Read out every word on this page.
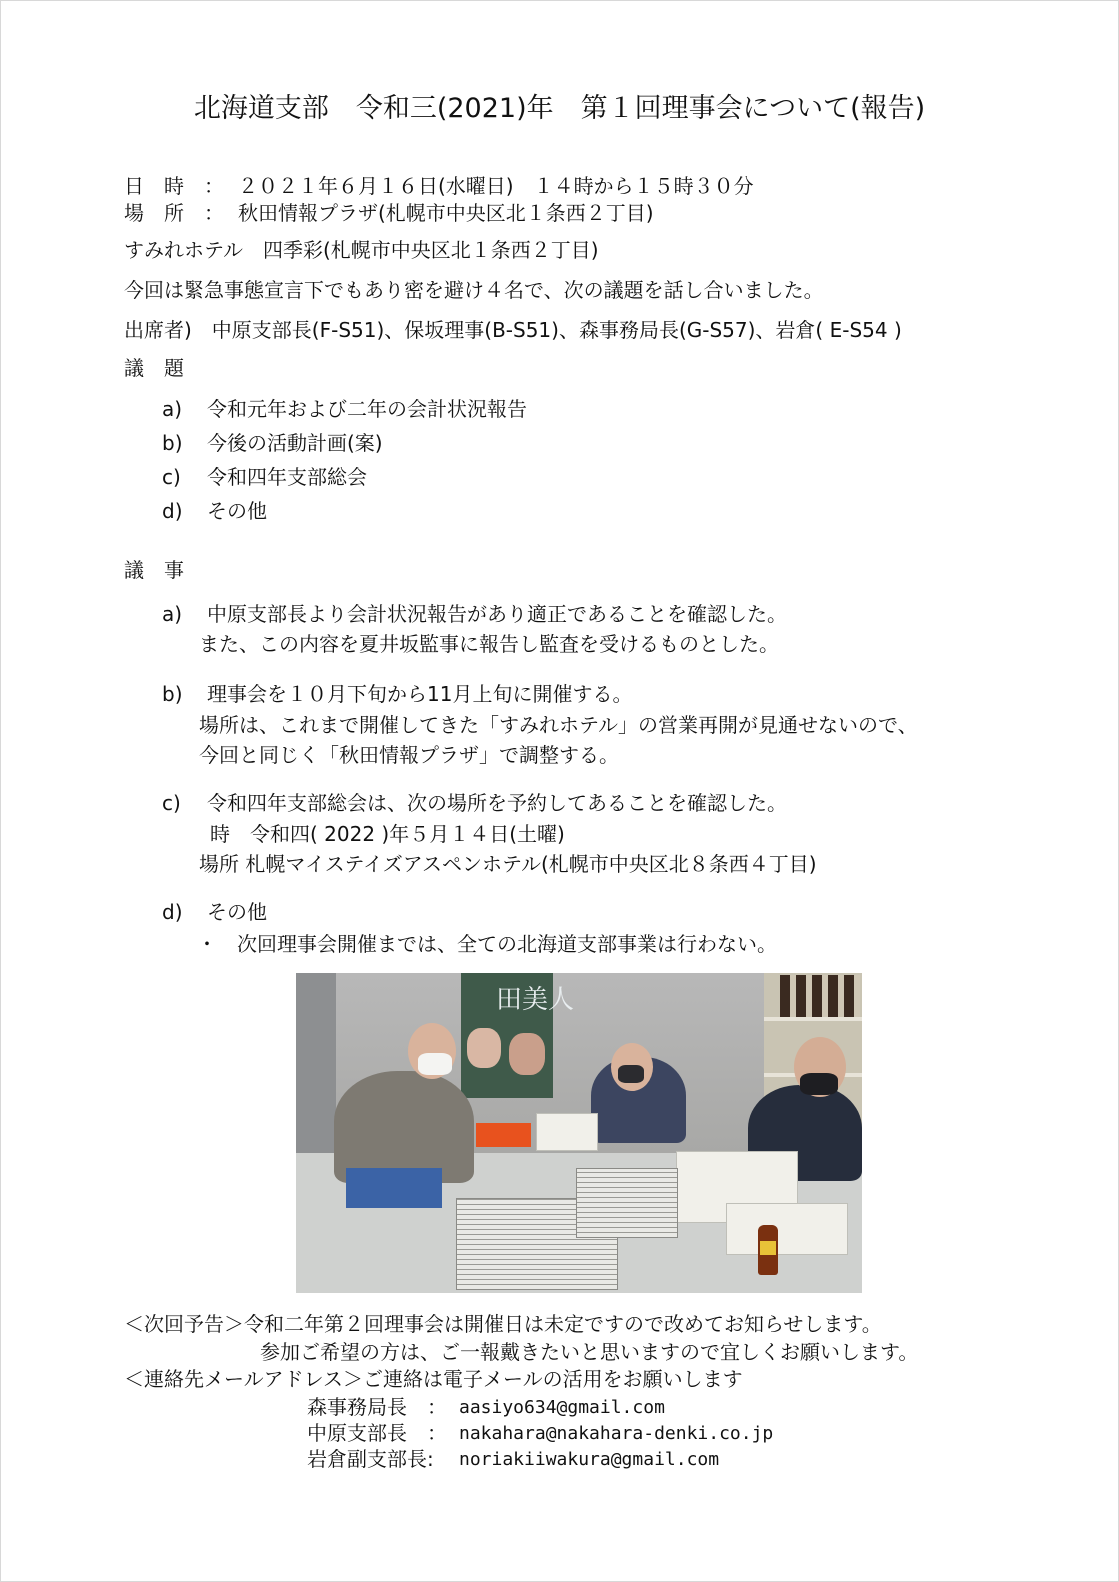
北海道支部　令和三(2021)年　第１回理事会について(報告)
日　時　： ２０２１年６月１６日(水曜日)　１４時から１５時３０分
場　所　： 秋田情報プラザ(札幌市中央区北１条西２丁目)
すみれホテル　四季彩(札幌市中央区北１条西２丁目)
今回は緊急事態宣言下でもあり密を避け４名で、次の議題を話し合いました。
出席者)　中原支部長(F-S51)、保坂理事(B-S51)、森事務局長(G-S57)、岩倉( E-S54 )
議　題
a) 令和元年および二年の会計状況報告
b) 今後の活動計画(案)
c) 令和四年支部総会
d) その他
議　事
a) 中原支部長より会計状況報告があり適正であることを確認した。
また、この内容を夏井坂監事に報告し監査を受けるものとした。
b) 理事会を１０月下旬から11月上旬に開催する。
場所は、これまで開催してきた「すみれホテル」の営業再開が見通せないので、
今回と同じく「秋田情報プラザ」で調整する。
c) 令和四年支部総会は、次の場所を予約してあることを確認した。
時　令和四( 2022 )年５月１４日(土曜)
場所 札幌マイステイズアスペンホテル(札幌市中央区北８条西４丁目)
d) その他
・　次回理事会開催までは、全ての北海道支部事業は行わない。
田美人
＜次回予告＞令和二年第２回理事会は開催日は未定ですので改めてお知らせします。
参加ご希望の方は、ご一報戴きたいと思いますので宜しくお願いします。
＜連絡先メールアドレス＞ご連絡は電子メールの活用をお願いします
森事務局長　： aasiyo634@gmail.com
中原支部長　： nakahara@nakahara-denki.co.jp
岩倉副支部長: noriakiiwakura@gmail.com
